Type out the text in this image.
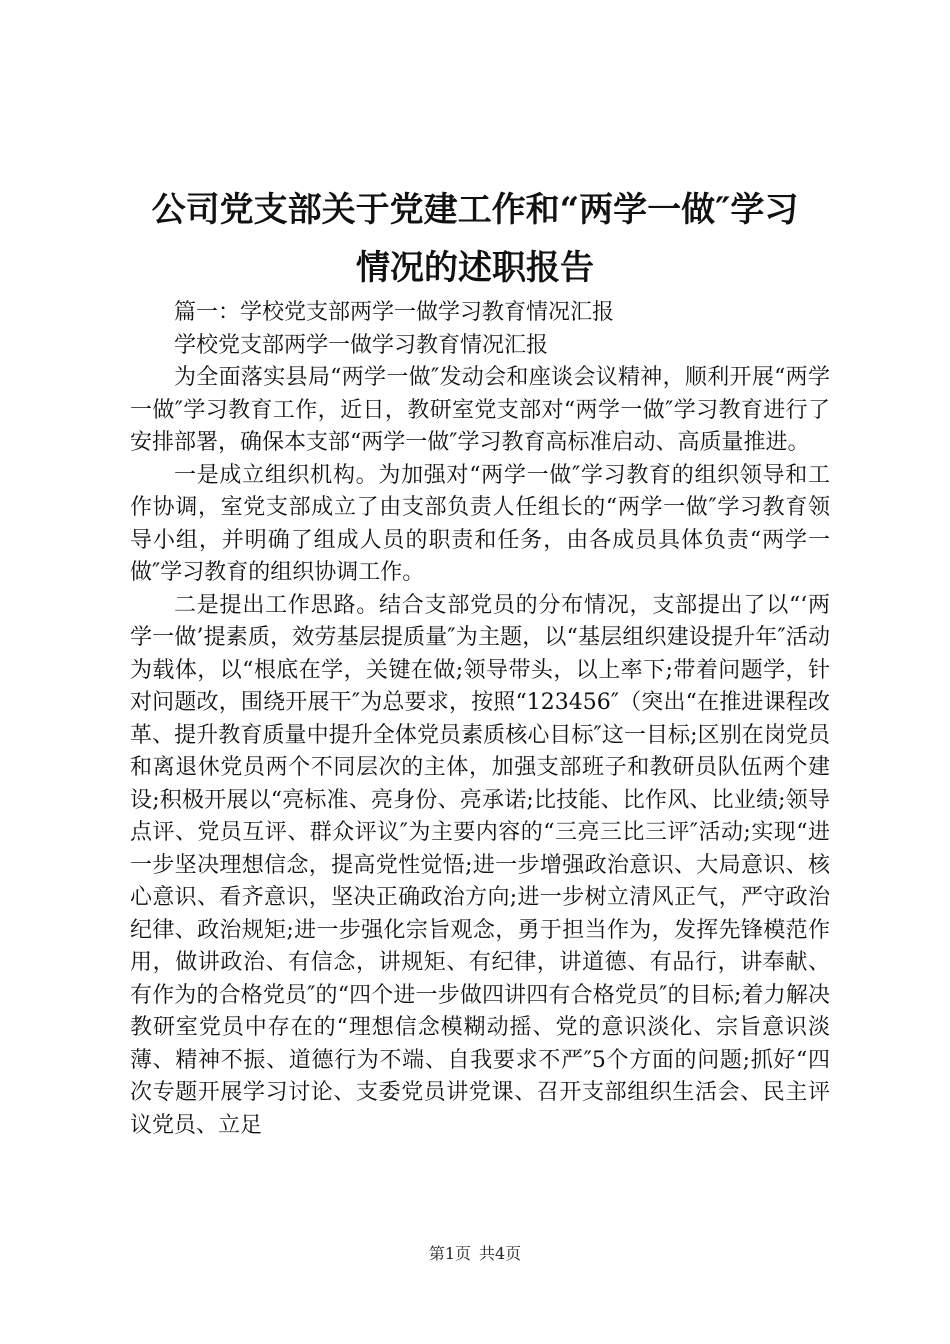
公司党支部关于党建工作和“两学一做″学习
情况的述职报告

篇一：学校党支部两学一做学习教育情况汇报

学校党支部两学一做学习教育情况汇报

为全面落实县局“两学一做″发动会和座谈会议精神，顺利开展“两学一做″学习教育工作，近日，教研室党支部对“两学一做″学习教育进行了安排部署，确保本支部“两学一做″学习教育高标准启动、高质量推进。

一是成立组织机构。为加强对“两学一做″学习教育的组织领导和工作协调，室党支部成立了由支部负责人任组长的“两学一做″学习教育领导小组，并明确了组成人员的职责和任务，由各成员具体负责“两学一做″学习教育的组织协调工作。

二是提出工作思路。结合支部党员的分布情况，支部提出了以“‘两学一做’提素质，效劳基层提质量″为主题，以“基层组织建设提升年″活动为载体，以“根底在学，关键在做;领导带头，以上率下;带着问题学，针对问题改，围绕开展干″为总要求，按照“123456″（突出“在推进课程改革、提升教育质量中提升全体党员素质核心目标″这一目标;区别在岗党员和离退休党员两个不同层次的主体，加强支部班子和教研员队伍两个建设;积极开展以“亮标准、亮身份、亮承诺;比技能、比作风、比业绩;领导点评、党员互评、群众评议″为主要内容的“三亮三比三评″活动;实现“进一步坚决理想信念，提高党性觉悟;进一步增强政治意识、大局意识、核心意识、看齐意识，坚决正确政治方向;进一步树立清风正气，严守政治纪律、政治规矩;进一步强化宗旨观念，勇于担当作为，发挥先锋模范作用，做讲政治、有信念，讲规矩、有纪律，讲道德、有品行，讲奉献、有作为的合格党员″的“四个进一步做四讲四有合格党员″的目标;着力解决教研室党员中存在的“理想信念模糊动摇、党的意识淡化、宗旨意识淡薄、精神不振、道德行为不端、自我要求不严″5个方面的问题;抓好“四次专题开展学习讨论、支委党员讲党课、召开支部组织生活会、民主评议党员、立足

第1页 共4页
